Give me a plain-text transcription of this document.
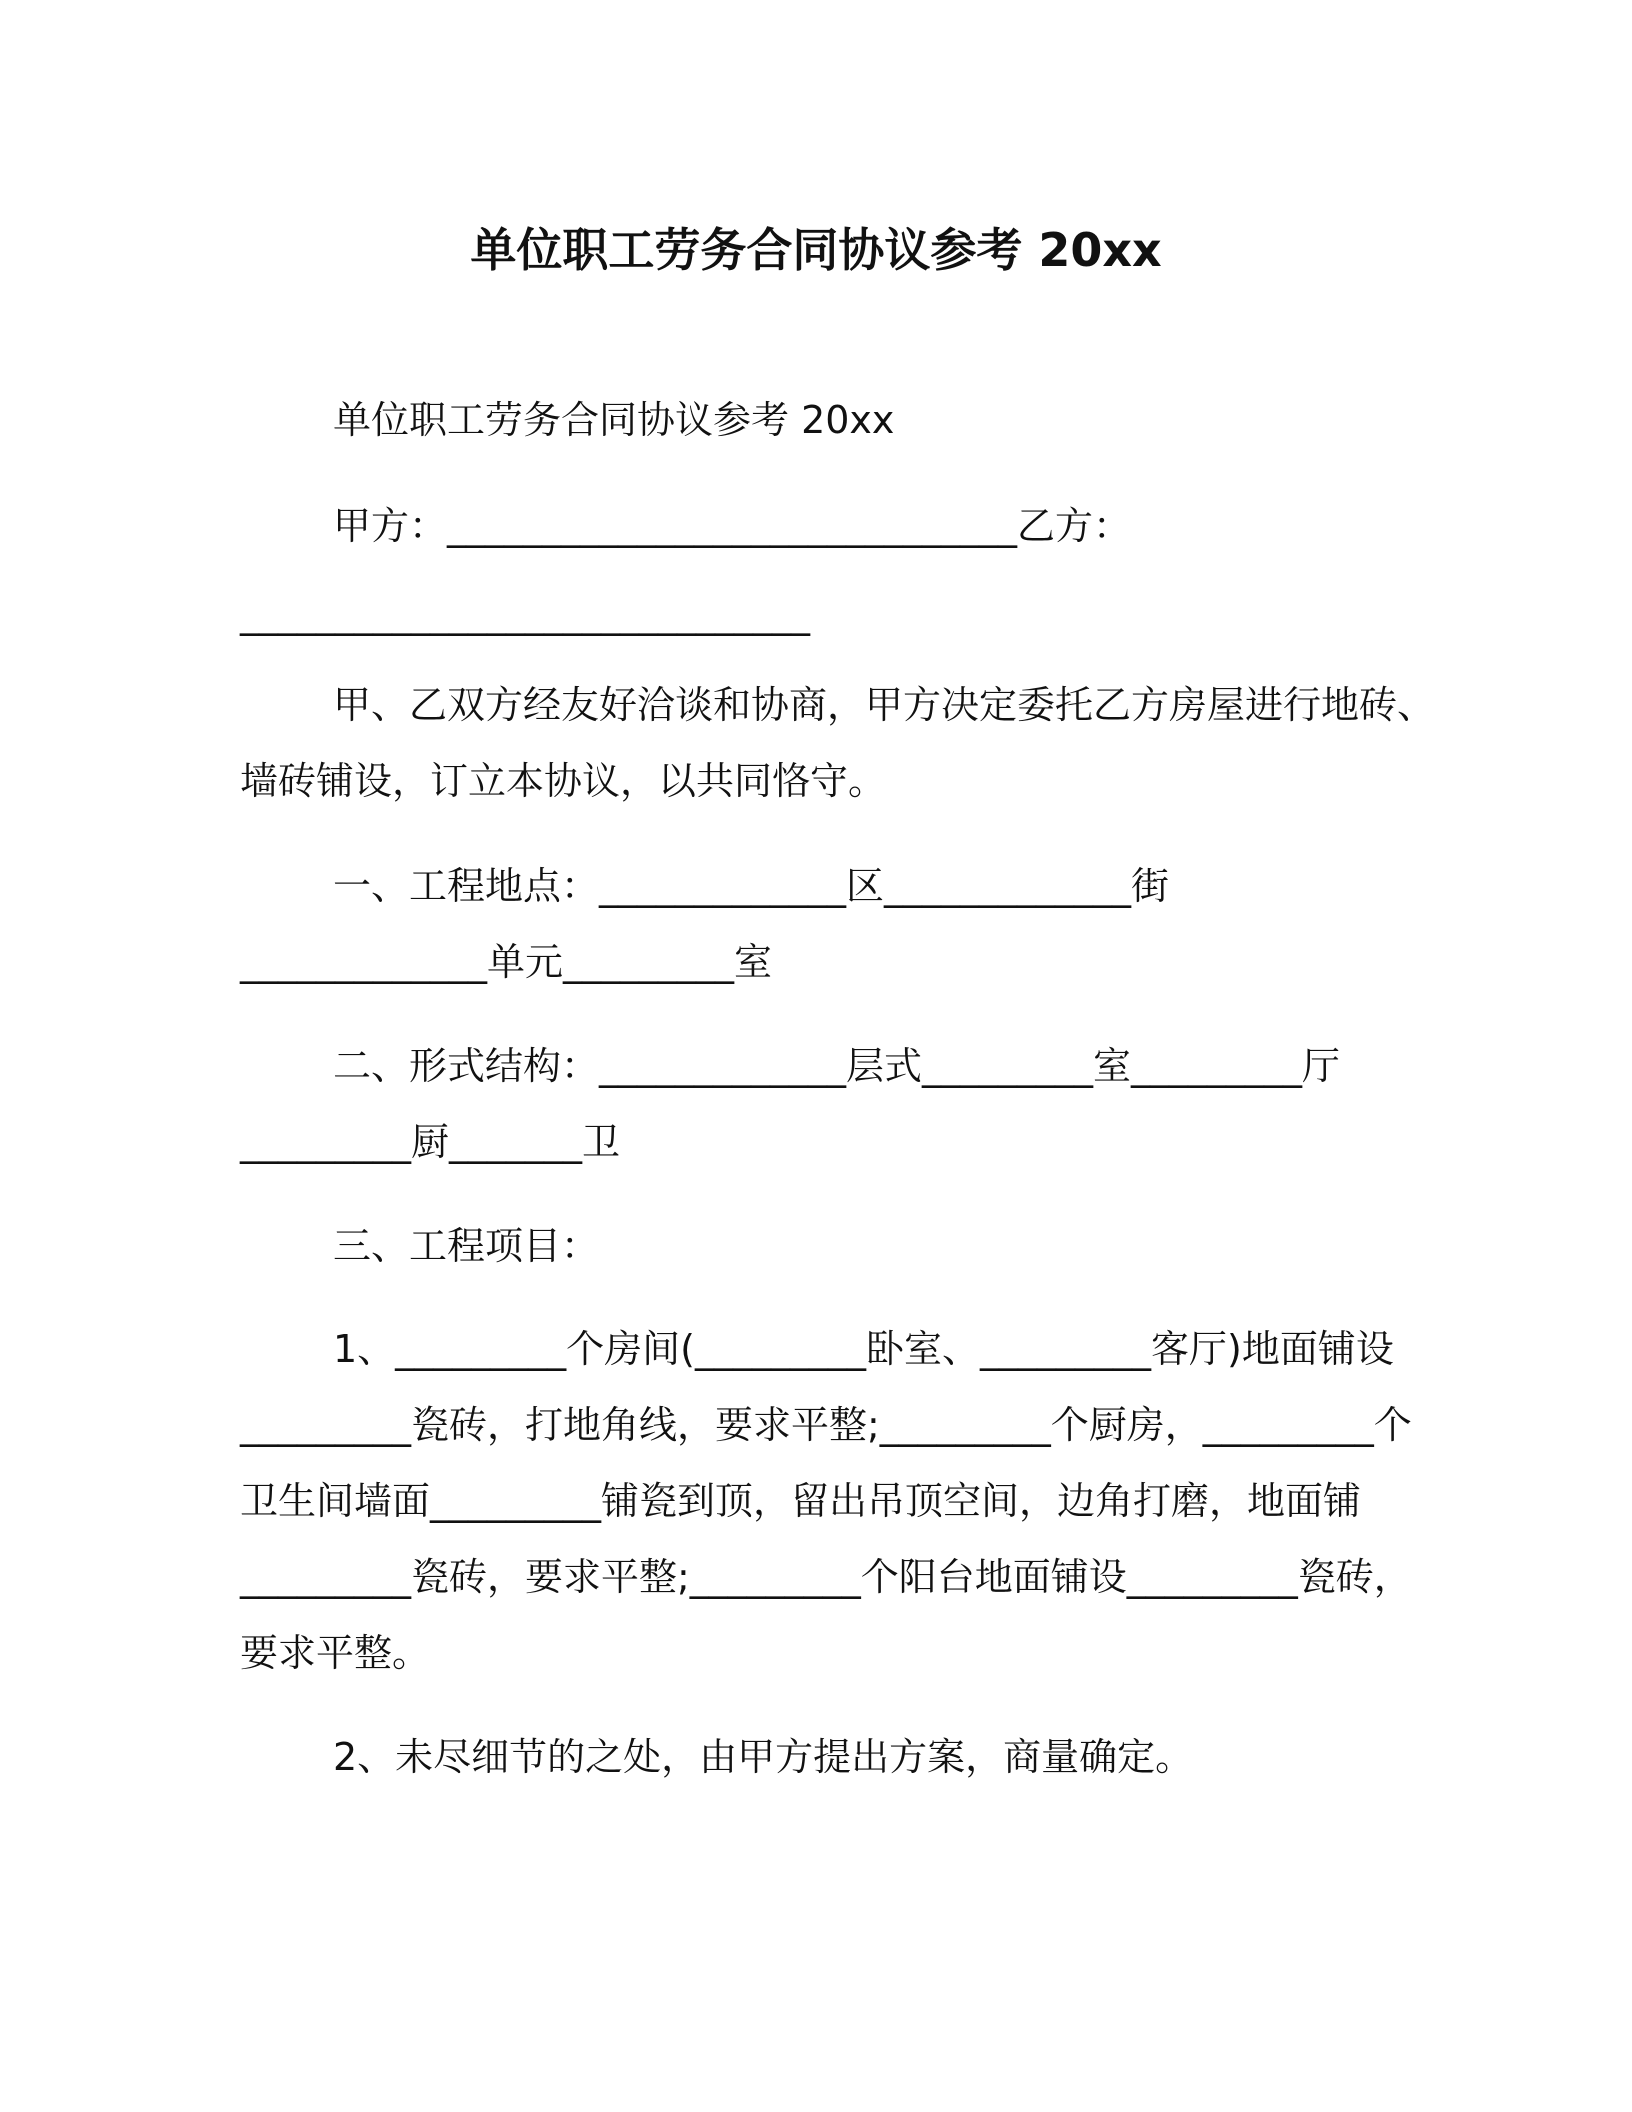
单位职工劳务合同协议参考 20xx
单位职工劳务合同协议参考 20xx
甲方：______________________________乙方：
______________________________
甲、乙双方经友好洽谈和协商，甲方决定委托乙方房屋进行地砖、
墙砖铺设，订立本协议，以共同恪守。
一、工程地点：_____________区_____________街
_____________单元_________室
二、形式结构：_____________层式_________室_________厅
_________厨_______卫
三、工程项目：
1、_________个房间(_________卧室、_________客厅)地面铺设
_________瓷砖，打地角线，要求平整;_________个厨房，_________个
卫生间墙面_________铺瓷到顶，留出吊顶空间，边角打磨，地面铺
_________瓷砖，要求平整;_________个阳台地面铺设_________瓷砖，
要求平整。
2、未尽细节的之处，由甲方提出方案，商量确定。
